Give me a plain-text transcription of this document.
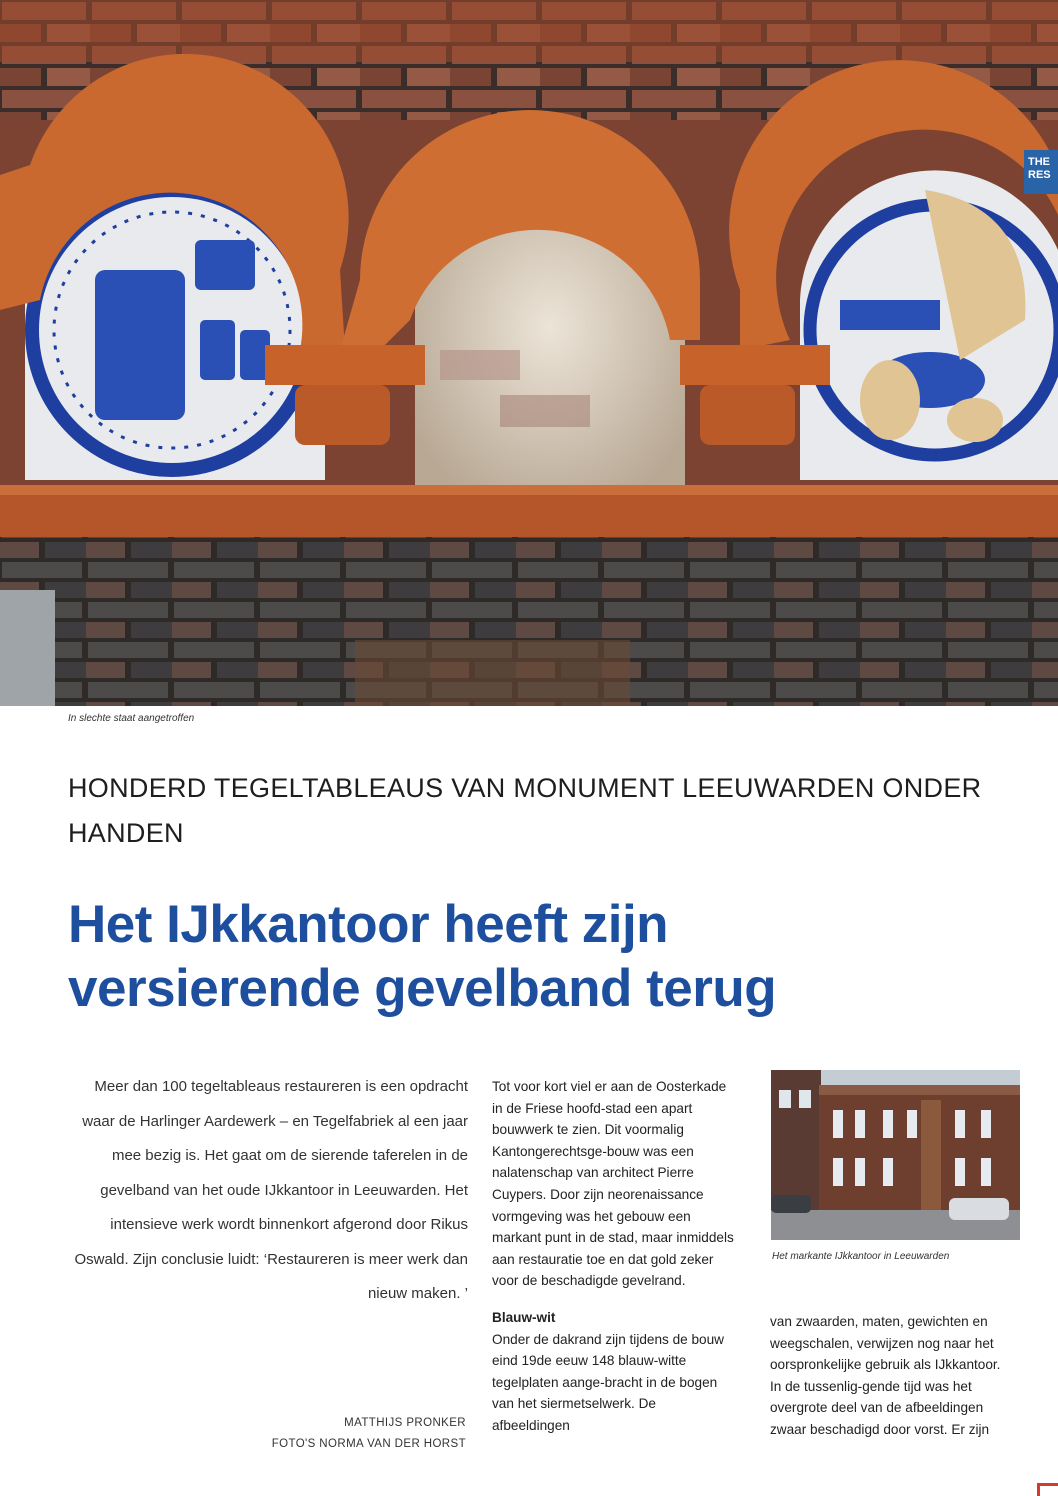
THE
RES
In slechte staat aangetroffen
HONDERD TEGELTABLEAUS VAN MONUMENT LEEUWARDEN ONDER HANDEN
Het IJkkantoor heeft zijn
versierende gevelband terug
Meer dan 100 tegeltableaus restaureren is een opdracht waar de Harlinger Aardewerk – en Tegelfabriek al een jaar mee bezig is. Het gaat om de sierende taferelen in de gevelband van het oude IJkkantoor in Leeuwarden. Het intensieve werk wordt binnenkort afgerond door Rikus Oswald. Zijn conclusie luidt: ‘Restaureren is meer werk dan nieuw maken. ’
MATTHIJS PRONKER
FOTO'S NORMA VAN DER HORST

Tot voor kort viel er aan de Oosterkade in de Friese hoofd-stad een apart bouwwerk te zien. Dit voormalig Kantongerechtsge-bouw was een nalatenschap van architect Pierre Cuypers. Door zijn neorenaissance vormgeving was het gebouw een markant punt in de stad, maar inmiddels aan restauratie toe en dat gold zeker voor de beschadigde gevelrand.

Blauw-wit

Onder de dakrand zijn tijdens de bouw eind 19de eeuw 148 blauw-witte tegelplaten aange-bracht in de bogen van het siermetselwerk. De afbeeldingen

Het markante IJkkantoor in Leeuwarden

van zwaarden, maten, gewichten en weegschalen, verwijzen nog naar het oorspronkelijke gebruik als IJkkantoor. In de tussenlig-gende tijd was het overgrote deel van de afbeeldingen zwaar beschadigd door vorst. Er zijn
